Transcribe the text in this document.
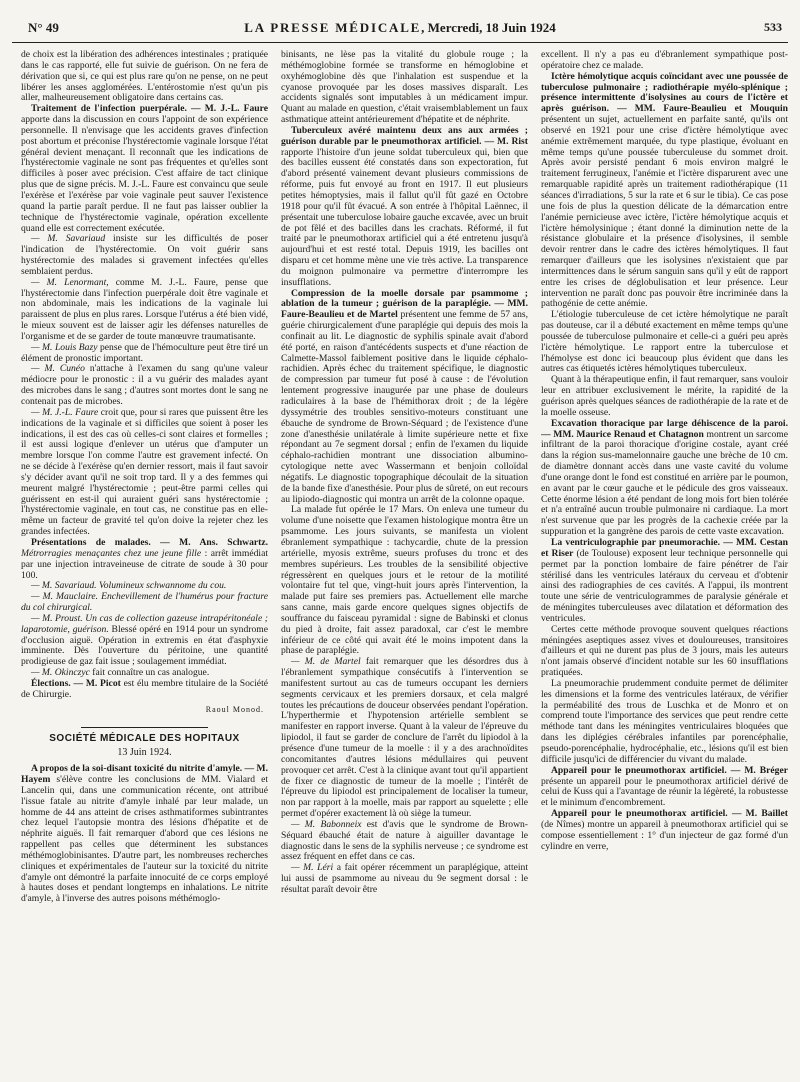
N° 49	LA PRESSE MÉDICALE, Mercredi, 18 Juin 1924	533

de choix est la libération des adhérences intestinales ; pratiquée dans le cas rapporté, elle fut suivie de guérison. On ne fera de dérivation que si, ce qui est plus rare qu'on ne pense, on ne peut libérer les anses agglomérées. L'entérostomie n'est qu'un pis aller, malheureusement obligatoire dans certains cas.

Traitement de l'infection puerpérale. — M. J.-L. Faure apporte dans la discussion en cours l'appoint de son expérience personnelle. Il n'envisage que les accidents graves d'infection post abortum et préconise l'hystérectomie vaginale lorsque l'état général devient menaçant. Il reconnaît que les indications de l'hystérectomie vaginale ne sont pas fréquentes et qu'elles sont difficiles à poser avec précision. C'est affaire de tact clinique plus que de signe précis. M. J.-L. Faure est convaincu que seule l'exérèse et l'exérèse par voie vaginale peut sauver l'existence quand la partie paraît perdue. Il ne faut pas laisser oublier la technique de l'hystérectomie vaginale, opération excellente quand elle est correctement exécutée.

— M. Savariaud insiste sur les difficultés de poser l'indication de l'hystérectomie. On voit guérir sans hystérectomie des malades si gravement infectées qu'elles semblaient perdus.

— M. Lenormant, comme M. J.-L. Faure, pense que l'hystérectomie dans l'infection puerpérale doit être vaginale et non abdominale, mais les indications de la vaginale lui paraissent de plus en plus rares. Lorsque l'utérus a été bien vidé, le mieux souvent est de laisser agir les défenses naturelles de l'organisme et de se garder de toute manœuvre traumatisante.

— M. Louis Bazy pense que de l'hémoculture peut être tiré un élément de pronostic important.

— M. Cunéo n'attache à l'examen du sang qu'une valeur médiocre pour le pronostic : il a vu guérir des malades ayant des microbes dans le sang ; d'autres sont mortes dont le sang ne contenait pas de microbes.

— M. J.-L. Faure croit que, pour si rares que puissent être les indications de la vaginale et si difficiles que soient à poser les indications, il est des cas où celles-ci sont claires et formelles ; il est aussi logique d'enlever un utérus que d'amputer un membre lorsque l'on comme l'autre est gravement infecté. On ne se décide à l'exérèse qu'en dernier ressort, mais il faut savoir s'y décider avant qu'il ne soit trop tard. Il y a des femmes qui meurent malgré l'hystérectomie ; peut-être parmi celles qui guérissent en est-il qui auraient guéri sans hystérectomie ; l'hystérectomie vaginale, en tout cas, ne constitue pas en elle-même un facteur de gravité tel qu'on doive la rejeter chez les grandes infectées.

Présentations de malades. — M. Ans. Schwartz. Métrorragies menaçantes chez une jeune fille : arrêt immédiat par une injection intraveineuse de citrate de soude à 30 pour 100.

— M. Savariaud. Volumineux schwannome du cou.

— M. Mauclaire. Enchevillement de l'humérus pour fracture du col chirurgical.

— M. Proust. Un cas de collection gazeuse intrapéritonéale ; laparotomie, guérison. Blessé opéré en 1914 pour un syndrome d'occlusion aiguë. Opération in extremis en état d'asphyxie imminente. Dès l'ouverture du péritoine, une quantité prodigieuse de gaz fait issue ; soulagement immédiat.

— M. Okinczyc fait connaître un cas analogue.

Élections. — M. Picot est élu membre titulaire de la Société de Chirurgie.

Raoul Monod.

SOCIÉTÉ MÉDICALE DES HOPITAUX
13 Juin 1924.

A propos de la soi-disant toxicité du nitrite d'amyle. — M. Hayem s'élève contre les conclusions de MM. Vialard et Lancelin qui, dans une communication récente, ont attribué l'issue fatale au nitrite d'amyle inhalé par leur malade, un homme de 44 ans atteint de crises asthmatiformes subintrantes chez lequel l'autopsie montra des lésions d'hépatite et de néphrite aiguës. Il fait remarquer d'abord que ces lésions ne rappellent pas celles que déterminent les substances méthémoglobinisantes. D'autre part, les nombreuses recherches cliniques et expérimentales de l'auteur sur la toxicité du nitrite d'amyle ont démontré la parfaite innocuité de ce corps employé à hautes doses et pendant longtemps en inhalations. Le nitrite d'amyle, à l'inverse des autres poisons méthémoglo-

binisants, ne lèse pas la vitalité du globule rouge ; la méthémoglobine formée se transforme en hémoglobine et oxyhémoglobine dès que l'inhalation est suspendue et la cyanose provoquée par les doses massives disparaît. Les accidents signalés sont imputables à un médicament impur. Quant au malade en question, c'était vraisemblablement un faux asthmatique atteint antérieurement d'hépatite et de néphrite.

Tuberculeux avéré maintenu deux ans aux armées ; guérison durable par le pneumothorax artificiel. — M. Rist rapporte l'histoire d'un jeune soldat tuberculeux qui, bien que des bacilles eussent été constatés dans son expectoration, fut d'abord présenté vainement devant plusieurs commissions de réforme, puis fut envoyé au front en 1917. Il eut plusieurs petites hémoptysies, mais il fallut qu'il fût gazé en Octobre 1918 pour qu'il fût évacué. A son entrée à l'hôpital Laënnec, il présentait une tuberculose lobaire gauche excavée, avec un bruit de pot fêlé et des bacilles dans les crachats. Réformé, il fut traité par le pneumothorax artificiel qui a été entretenu jusqu'à aujourd'hui et est resté total. Depuis 1919, les bacilles ont disparu et cet homme mène une vie très active. La transparence du moignon pulmonaire va permettre d'interrompre les insufflations.

Compression de la moelle dorsale par psammome ; ablation de la tumeur ; guérison de la paraplégie. — MM. Faure-Beaulieu et de Martel présentent une femme de 57 ans, guérie chirurgicalement d'une paraplégie qui depuis des mois la confinait au lit. Le diagnostic de syphilis spinale avait d'abord été porté, en raison d'antécédents suspects et d'une réaction de Calmette-Massol faiblement positive dans le liquide céphalo-rachidien. Après échec du traitement spécifique, le diagnostic de compression par tumeur fut posé à cause : de l'évolution lentement progressive inaugurée par une phase de douleurs radiculaires à la base de l'hémithorax droit ; de la légère dyssymétrie des troubles sensitivo-moteurs constituant une ébauche de syndrome de Brown-Séquard ; de l'existence d'une zone d'anesthésie unilatérale à limite supérieure nette et fixe répondant au 7e segment dorsal ; enfin de l'examen du liquide céphalo-rachidien montrant une dissociation albumino-cytologique nette avec Wassermann et benjoin colloïdal négatifs. Le diagnostic topographique découlait de la situation de la bande fixe d'anesthésie. Pour plus de sûreté, on eut recours au lipiodo-diagnostic qui montra un arrêt de la colonne opaque.

La malade fut opérée le 17 Mars. On enleva une tumeur du volume d'une noisette que l'examen histologique montra être un psammome. Les jours suivants, se manifesta un violent ébranlement sympathique : tachycardie, chute de la pression artérielle, myosis extrême, sueurs profuses du tronc et des membres supérieurs. Les troubles de la sensibilité objective régressèrent en quelques jours et le retour de la motilité volontaire fut tel que, vingt-huit jours après l'intervention, la malade put faire ses premiers pas. Actuellement elle marche sans canne, mais garde encore quelques signes objectifs de souffrance du faisceau pyramidal : signe de Babinski et clonus du pied à droite, fait assez paradoxal, car c'est le membre inférieur de ce côté qui avait été le moins impotent dans la phase de paraplégie.

— M. de Martel fait remarquer que les désordres dus à l'ébranlement sympathique consécutifs à l'intervention se manifestent surtout au cas de tumeurs occupant les derniers segments cervicaux et les premiers dorsaux, et cela malgré toutes les précautions de douceur observées pendant l'opération. L'hyperthermie et l'hypotension artérielle semblent se manifester en rapport inverse. Quant à la valeur de l'épreuve du lipiodol, il faut se garder de conclure de l'arrêt du lipiodol à la présence d'une tumeur de la moelle : il y a des arachnoïdites concomitantes d'autres lésions médullaires qui peuvent provoquer cet arrêt. C'est à la clinique avant tout qu'il appartient de fixer ce diagnostic de tumeur de la moelle ; l'intérêt de l'épreuve du lipiodol est principalement de localiser la tumeur, non par rapport à la moelle, mais par rapport au squelette ; elle permet d'opérer exactement là où siège la tumeur.

— M. Babonneix est d'avis que le syndrome de Brown-Séquard ébauché était de nature à aiguiller davantage le diagnostic dans le sens de la syphilis nerveuse ; ce syndrome est assez fréquent en effet dans ce cas.

— M. Léri a fait opérer récemment un paraplégique, atteint lui aussi de psammome au niveau du 9e segment dorsal : le résultat paraît devoir être

excellent. Il n'y a pas eu d'ébranlement sympathique post-opératoire chez ce malade.

Ictère hémolytique acquis coïncidant avec une poussée de tuberculose pulmonaire ; radiothérapie myélo-splénique ; présence intermittente d'isolysines au cours de l'ictère et après guérison. — MM. Faure-Beaulieu et Mouquin présentent un sujet, actuellement en parfaite santé, qu'ils ont observé en 1921 pour une crise d'ictère hémolytique avec anémie extrêmement marquée, du type plastique, évoluant en même temps qu'une poussée tuberculeuse du sommet droit. Après avoir persisté pendant 6 mois environ malgré le traitement ferrugineux, l'anémie et l'ictère disparurent avec une remarquable rapidité après un traitement radiothérapique (11 séances d'irradiations, 5 sur la rate et 6 sur le tibia). Ce cas pose une fois de plus la question délicate de la démarcation entre l'anémie pernicieuse avec ictère, l'ictère hémolytique acquis et l'ictère hémolysinique ; étant donné la diminution nette de la résistance globulaire et la présence d'isolysines, il semble devoir rentrer dans le cadre des ictères hémolytiques. Il faut remarquer d'ailleurs que les isolysines n'existaient que par intermittences dans le sérum sanguin sans qu'il y eût de rapport entre les crises de déglobulisation et leur présence. Leur intervention ne paraît donc pas pouvoir être incriminée dans la pathogénie de cette anémie.

L'étiologie tuberculeuse de cet ictère hémolytique ne paraît pas douteuse, car il a débuté exactement en même temps qu'une poussée de tuberculose pulmonaire et celle-ci a guéri peu après l'ictère hémolytique. Le rapport entre la tuberculose et l'hémolyse est donc ici beaucoup plus évident que dans les autres cas étiquetés ictères hémolytiques tuberculeux.

Quant à la thérapeutique enfin, il faut remarquer, sans vouloir leur en attribuer exclusivement le mérite, la rapidité de la guérison après quelques séances de radiothérapie de la rate et de la moelle osseuse.

Excavation thoracique par large déhiscence de la paroi. — MM. Maurice Renaud et Chatagnon montrent un sarcome infiltrant de la paroi thoracique d'origine costale, ayant créé dans la région sus-mamelonnaire gauche une brèche de 10 cm. de diamètre donnant accès dans une vaste cavité du volume d'une orange dont le fond est constitué en arrière par le poumon, en avant par le cœur gauche et le pédicule des gros vaisseaux. Cette énorme lésion a été pendant de long mois fort bien tolérée et n'a entraîné aucun trouble pulmonaire ni cardiaque. La mort n'est survenue que par les progrès de la cachexie créée par la suppuration et la gangrène des parois de cette vaste excavation.

La ventriculographie par pneumorachie. — MM. Cestan et Riser (de Toulouse) exposent leur technique personnelle qui permet par la ponction lombaire de faire pénétrer de l'air stérilisé dans les ventricules latéraux du cerveau et d'obtenir ainsi des radiographies de ces cavités. A l'appui, ils montrent toute une série de ventriculogrammes de paralysie générale et de méningites tuberculeuses avec dilatation et déformation des ventricules.

Certes cette méthode provoque souvent quelques réactions méningées aseptiques assez vives et douloureuses, transitoires d'ailleurs et qui ne durent pas plus de 3 jours, mais les auteurs n'ont jamais observé d'incident notable sur les 60 insufflations pratiquées.

La pneumorachie prudemment conduite permet de délimiter les dimensions et la forme des ventricules latéraux, de vérifier la perméabilité des trous de Luschka et de Monro et on comprend toute l'importance des services que peut rendre cette méthode tant dans les méningites ventriculaires bloquées que dans les diplégies cérébrales infantiles par porencéphalie, pseudo-porencéphalie, hydrocéphalie, etc., lésions qu'il est bien difficile jusqu'ici de différencier du vivant du malade.

Appareil pour le pneumothorax artificiel. — M. Bréger présente un appareil pour le pneumothorax artificiel dérivé de celui de Kuss qui a l'avantage de réunir la légèreté, la robustesse et le minimum d'encombrement.

Appareil pour le pneumothorax artificiel. — M. Baillet (de Nîmes) montre un appareil à pneumothorax artificiel qui se compose essentiellement : 1° d'un injecteur de gaz formé d'un cylindre en verre,
